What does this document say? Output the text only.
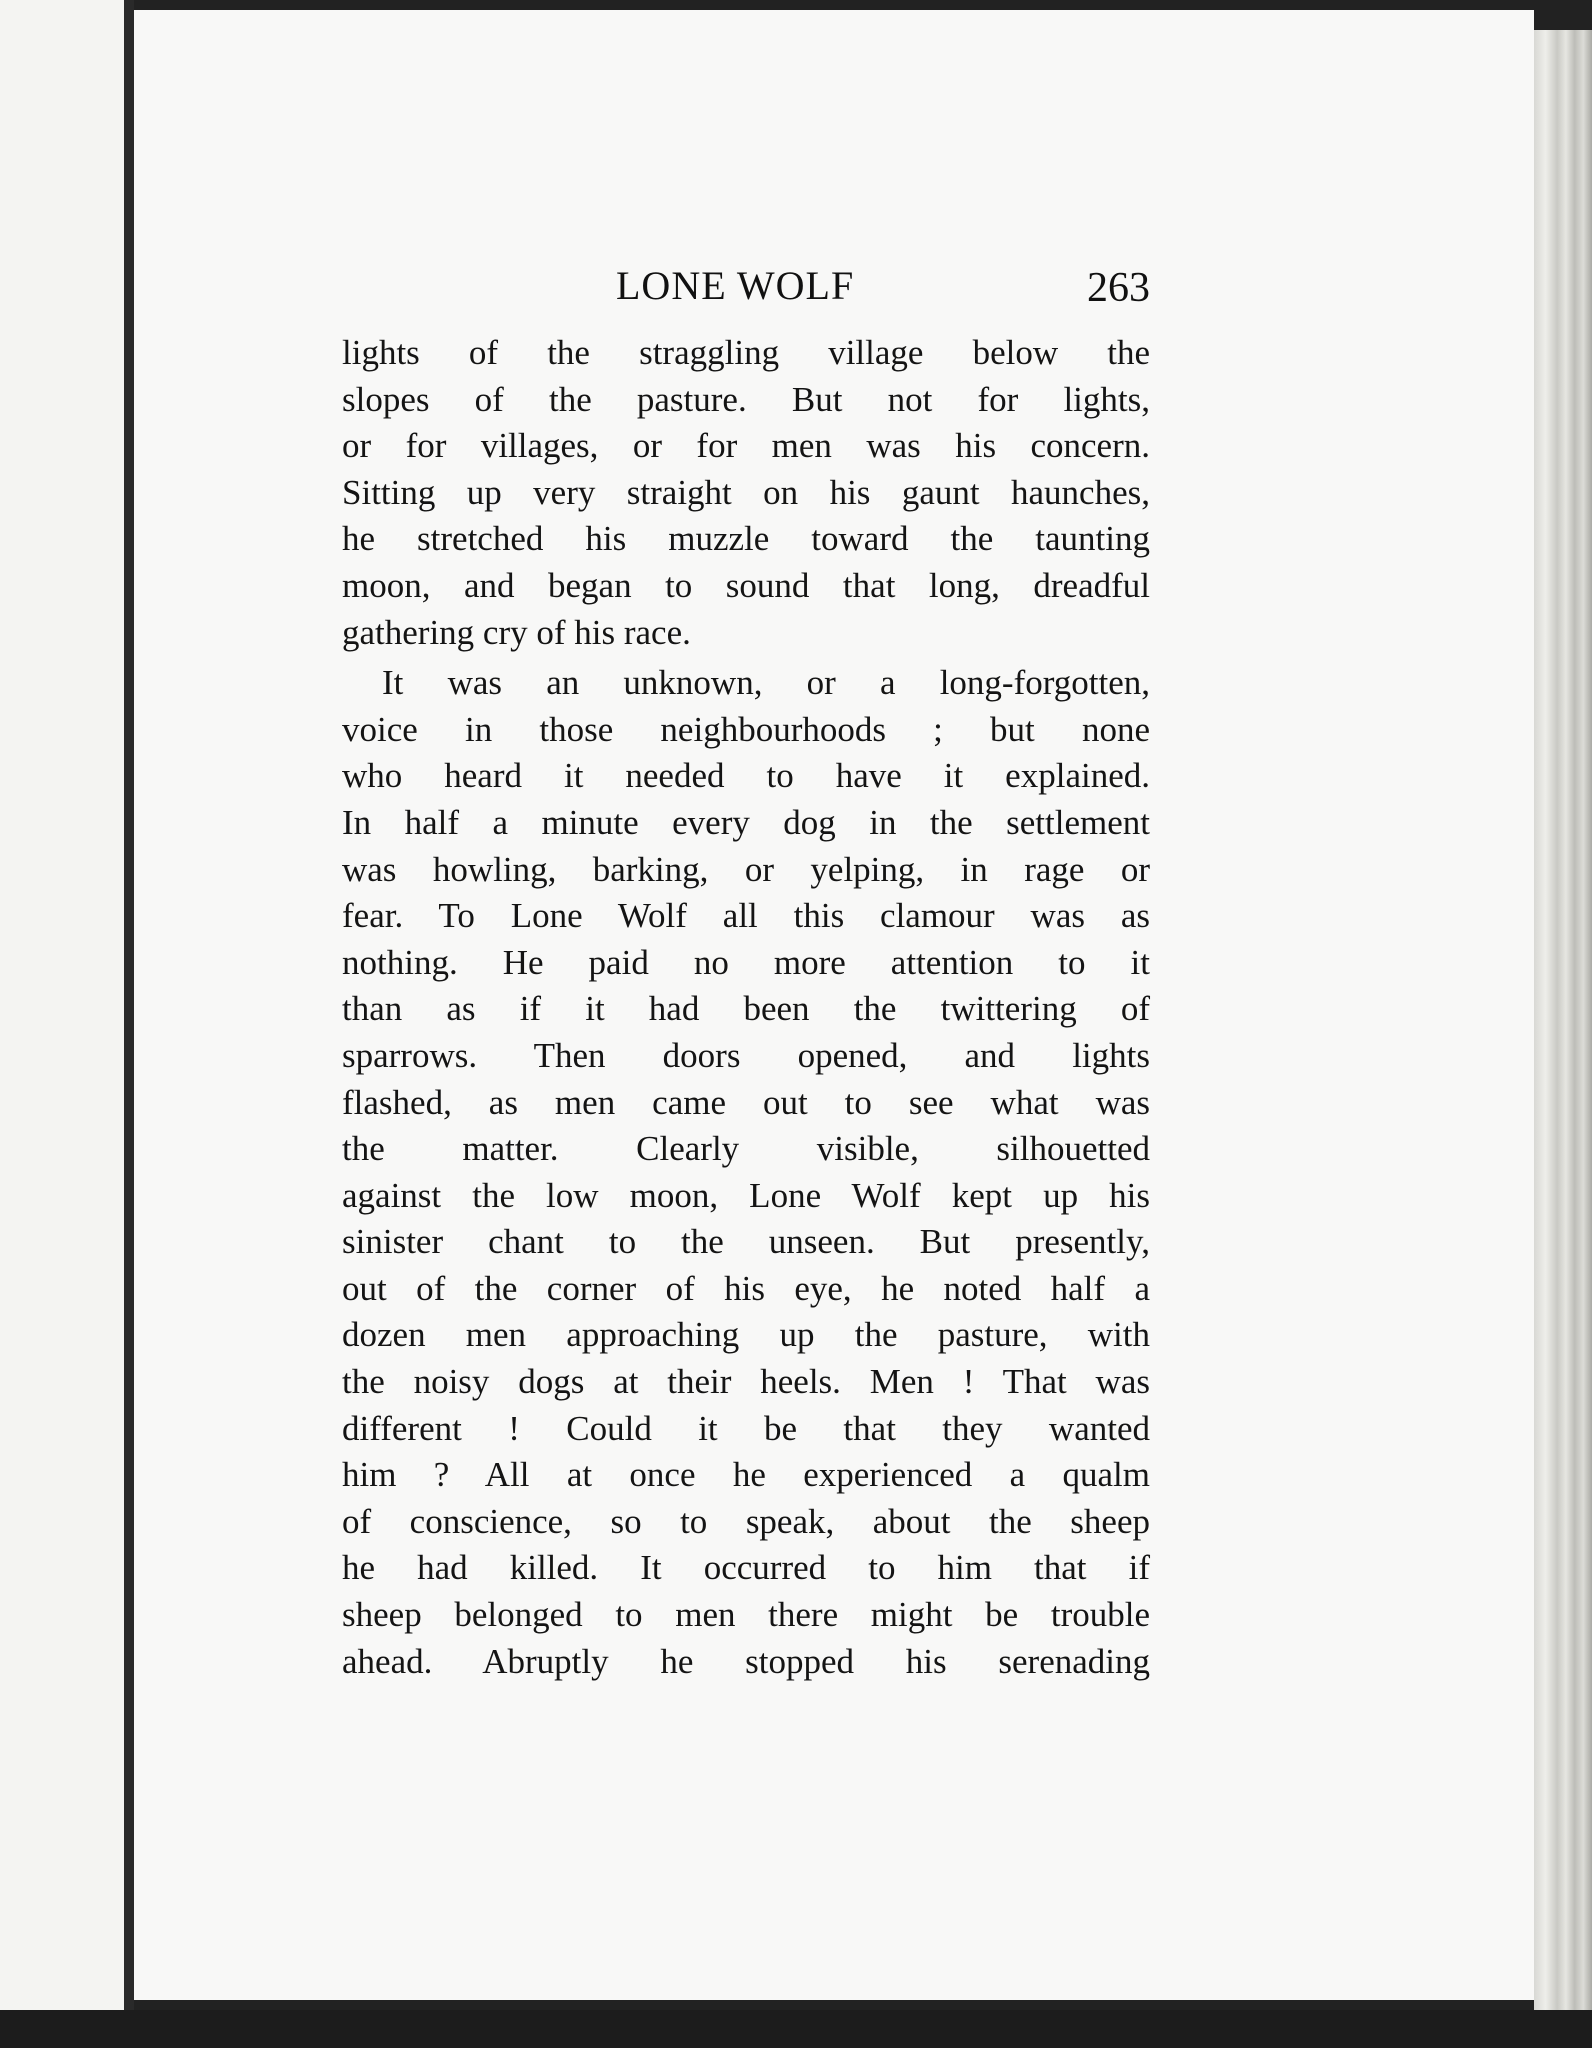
LONE WOLF	263
lights of the straggling village below the
slopes of the pasture. But not for lights,
or for villages, or for men was his concern.
Sitting up very straight on his gaunt haunches,
he stretched his muzzle toward the taunting
moon, and began to sound that long, dreadful
gathering cry of his race.
It was an unknown, or a long-forgotten,
voice in those neighbourhoods ; but none
who heard it needed to have it explained.
In half a minute every dog in the settlement
was howling, barking, or yelping, in rage or
fear. To Lone Wolf all this clamour was as
nothing. He paid no more attention to it
than as if it had been the twittering of
sparrows. Then doors opened, and lights
flashed, as men came out to see what was
the matter. Clearly visible, silhouetted
against the low moon, Lone Wolf kept up his
sinister chant to the unseen. But presently,
out of the corner of his eye, he noted half a
dozen men approaching up the pasture, with
the noisy dogs at their heels. Men ! That was
different ! Could it be that they wanted
him ? All at once he experienced a qualm
of conscience, so to speak, about the sheep
he had killed. It occurred to him that if
sheep belonged to men there might be trouble
ahead. Abruptly he stopped his serenading
